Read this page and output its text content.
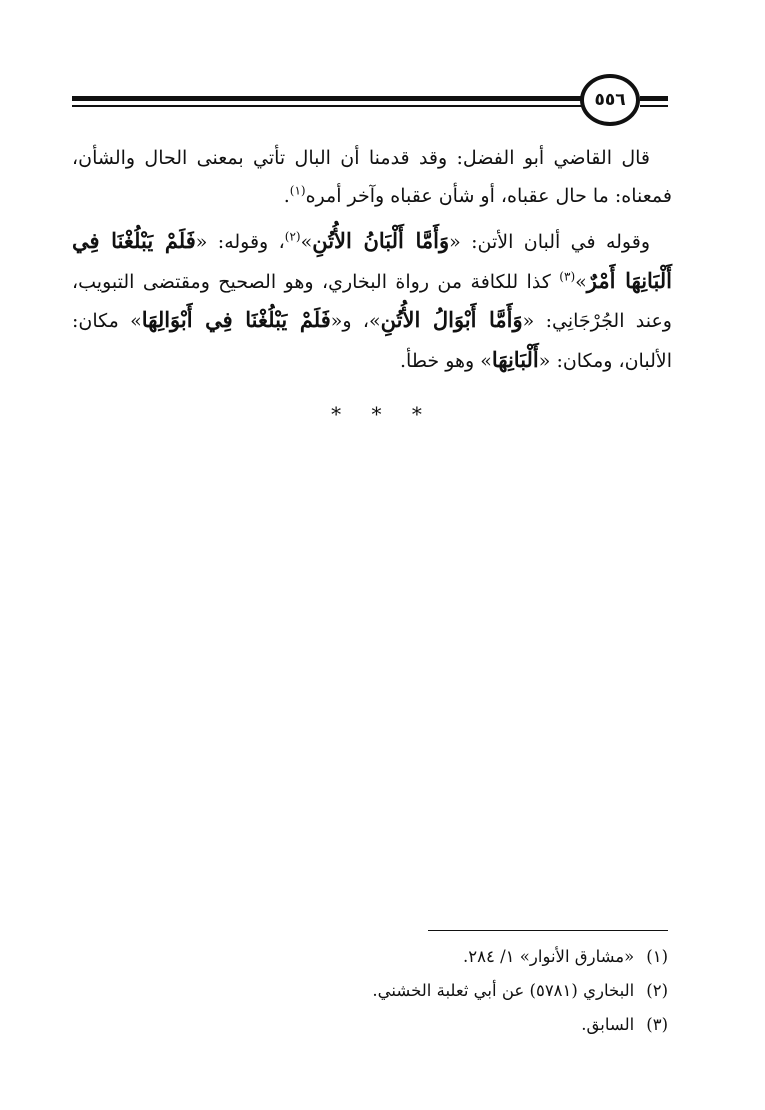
٥٥٦

قال القاضي أبو الفضل: وقد قدمنا أن البال تأتي بمعنى الحال والشأن، فمعناه: ما حال عقباه، أو شأن عقباه وآخر أمره$^{(١)}$.

وقوله في ألبان الأتن: «وَأَمَّا أَلْبَانُ الأُتُنِ»$^{(٢)}$، وقوله: «فَلَمْ يَبْلُغْنَا فِي أَلْبَانِهَا أَمْرٌ»$^{(٣)}$ كذا للكافة من رواة البخاري، وهو الصحيح ومقتضى التبويب، وعند الجُرْجَانِي: «وَأَمَّا أَبْوَالُ الأُتُنِ»، و«فَلَمْ يَبْلُغْنَا فِي أَبْوَالِهَا» مكان: الألبان، ومكان: «أَلْبَانِهَا» وهو خطأ.

* * *

(١)
«مشارق الأنوار» ١/ ٢٨٤.

(٢)
البخاري (٥٧٨١) عن أبي ثعلبة الخشني.

(٣)
السابق.
